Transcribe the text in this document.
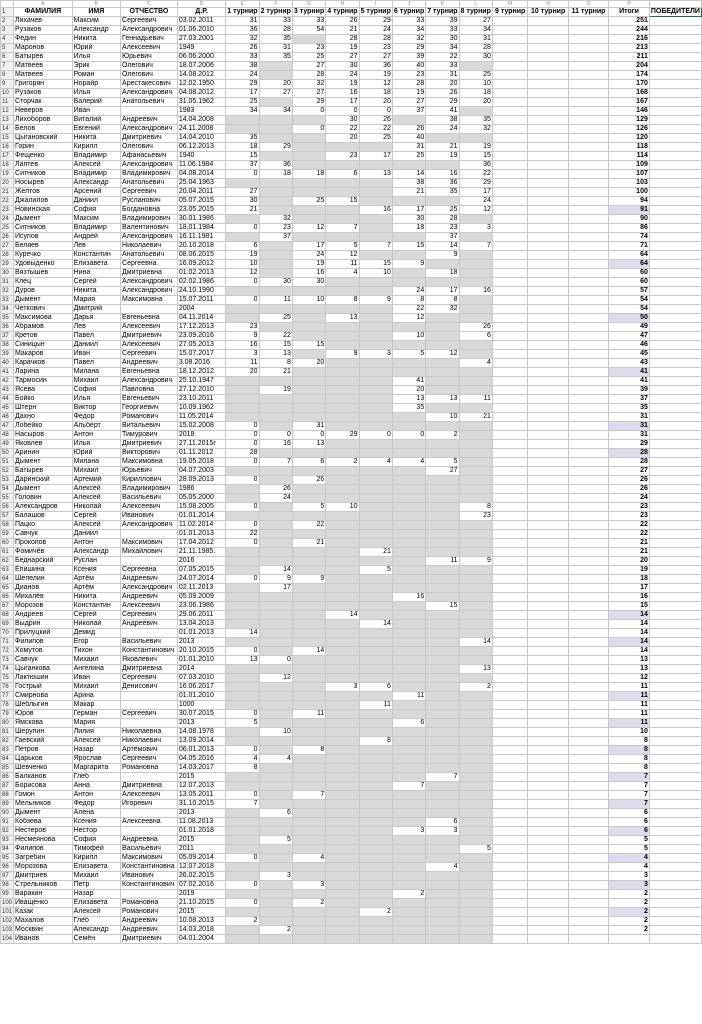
	A	B	C	D	E	F	G	H	I	J	K	L	M	N	O	P	
1	ФАМИЛИЯ	ИМЯ	ОТЧЕСТВО	Д.Р.	1 турнир	2 турнир	3 турнир	4 турнир	5 турнир	6 турнир	7 турнир	8 турнир	9 турнир	10 турнир	11 турнир	Итоги	ПОБЕДИТЕЛИ
2	Лихачев	Максим	Сергеевич	03.02.2011	31	33	33	26	29	33	39	27				251	
3	Рузаков	Александр	Александрович	01.06.2010	36	28	54	21	24	34	33	34				244	
4	Федин	Никита	Геннадьевич	27.03.2001	32	35		28	28	32	30	31				216	
5	Маронов	Юрий	Алексеевич	1949	26	31	23	19	23	29	34	28				213	
6	Батырев	Илья	Юрьевич	06.06.2000	33	35	25	27	27	39	22	30				211	
7	Матвеев	Эрик	Олегович	18.07.2006	38		27	30	36	40	33					204	
8	Матвеев	Роман	Олегович	14.08.2012	24		28	24	19	23	31	25				174	
9	Григорян	Норайр	Арестакесович	12.02.1950	29	20	32	19	12	28	20	10				170	
10	Рузаков	Илья	Александрович	04.08.2012	17	27	27	16	18	19	26	18				168	
11	Сторчак	Валерий	Анатольевич	31.05.1962	25		29	17	20	27	29	20				167	
12	Неверов	Иван		1983	34	34	0	0	0	37	41					146	
13	Лихоборов	Виталий	Андреевич	14.04.2008				30	26		38	35				129	
14	Белов	Евгений	Александрович	24.11.2008			0	22	22	26	24	32				126	
15	Цыгановский	Никита	Дмитриевич	14.04.2010	35			20	25	40						120	
16	Горин	Кирилл	Олегович	06.12.2013	18	29				31	21	19				118	
17	Фещенко	Владимир	Афанасьевич	1940	15			23	17	25	19	15				114	
18	Лаптев	Алексей	Александрович	11.06.1984	37	36						36				109	
19	Ситников	Владимир	Владимирович	04.08.2014	0	18	18	6	13	14	16	22				107	
20	Носырев	Александр	Анатольевич	25.04.1963						38	36	29				103	
21	Желтов	Арсений	Сергеевич	20.04.2011	27					21	35	17				100	
22	Джалилов	Даниил	Русланович	05.07.2015	30		25	15				24				94	
23	Новинская	София	Богдановна	23.05.2015	21				16	17	25	12				91	
24	Дымент	Максим	Владимирович	30.01.1986		32				30	28					90	
25	Ситников	Владимир	Валентинович	18.01.1984	0	23	12	7		18	23	3				86	
26	Исупов	Андрей	Александрович	16.11.1981		37					37					74	
27	Беляев	Лев	Николаевич	20.10.2018	6		17	5	7	15	14	7				71	
28	Куречко	Константин	Анатольевич	08.06.2015	19		24	12			9					64	
29	Удовыденко	Елизавета	Сергеевна	16.09.2012	10		19	11	15	9						64	
30	Вязтышев	Нина	Дмитриевна	01.02.2013	12		16	4	10		18					60	
31	Клец	Сергей	Александрович	02.02.1986	0	30	30									60	
32	Дуров	Никита	Александрович	24.10.1990						24	17	16				57	
33	Дымент	Мария	Максимовна	15.07.2011	0	11	10	8	9	8	8					54	
34	Четкович	Дмитрий		2004						22	32					54	
35	Максимова	Дарья	Евгеньевна	04.11.2014		25		13		12						50	
36	Абрамов	Лев	Алексеевич	17.12.2013	23							26				49	
37	Кретов	Павел	Дмитриевич	23.09.2016	9	22				10		6				47	
38	Синицын	Даниил	Алексеевич	27.05.2013	16	15	15									46	
39	Макаров	Иван	Сергеевич	15.07.2017	3	13		9	3	5	12					45	
40	Карачков	Павел	Андреевич	3.08.2016	11	8	20					4				43	
41	Ларина	Милана	Евгеньевна	18.12.2012	20	21										41	
42	Тармосин	Михаил	Александрович	25.10.1947						41						41	
43	Ясева	София	Павловна	27.12.2010		19				20						39	
44	Бойко	Илья	Евгеньевич	23.10.2011						13	13	11				37	
45	Штерн	Виктор	Георгиевич	10.09.1962						35						35	
46	Дахно	Федор	Романович	11.05.2014							10	21				31	
47	Лобейко	Альберт	Витальевич	15.02.2008	0		31									31	
48	Насыров	Антон	Тимурович	2018	0	0	0	29	0	0	2					31	
49	Яковлев	Илья	Дмитриевич	27.11.2015г	0	16	13									29	
50	Аринин	Юрий	Викторович	01.11.2012	28											28	
51	Дымент	Милана	Максимовна	19.05.2018	0	7	6	2	4	4	5					28	
52	Батырев	Михаил	Юрьевич	04.07.2003							27					27	
53	Даринский	Артемий	Кириллович	28.09.2013	0		26									26	
54	Дымент	Алексей	Владимирович	1986		26										26	
55	Головин	Алексей	Васильевич	05.05.2000		24										24	
56	Александров	Николай	Алексеевич	15.08.2005	0		5	10				8				23	
57	Балашов	Сергей	Иванович	01.01.2014								23				23	
58	Пацко	Алексей	Александрович	11.02.2014	0		22									22	
59	Савчук	Даниил		01.01.2013	22											22	
60	Прокопов	Антон	Максимович	17.04.2012	0		21									21	
61	Фомичёв	Александр	Михайлович	21.11.1985.					21							21	
62	Беднарский	Руслан		2016							11	9				20	
63	Епишина	Ксения	Сергеевна	07.05.2015		14			5							19	
64	Шепелин	Артём	Андреевич	24.07.2014	0	9	9									18	
65	Дианов	Артём	Александрович	02.11.2013		17										17	
66	Михалёв	Никита	Андреевич	05.09.2009						16						16	
67	Морозов	Константин	Алексеевич	23.06.1986							15					15	
68	Андреев	Сергей	Сергеевич	29.06.2011				14								14	
69	Выдрин	Николай	Андреевич	13.04.2013					14							14	
70	Прилуцкий	Демид		01.01.2013	14											14	
71	Филипов	Егор	Васильевич	2013								14				14	
72	Хомутов	Тихон	Константинович	20.10.2015	0		14									14	
73	Савчук	Михаил	Яковлевич	01.01.2010	13	0										13	
74	Цыганкова	Ангелина	Дмитриевна	2014								13				13	
75	Лактюшин	Иван	Сергеевич	07.03.2010		12										12	
76	Гострый	Михаил	Денисович	16.06.2017				3	6			2				11	
77	Смирнова	Арина		01.01.2010						11						11	
78	Шеблыгин	Макар		1000					11							11	
79	Юров	Герман	Сергеевич	30.07.2015	0		11									11	
80	Ямскова	Мария		2013	5					6						11	
81	Шерупин	Лилия	Николаевна	14.08.1978		10										10	
82	Гаевский	Алексей	Николаевич	13.09.2014					8							8	
83	Петров	Назар	Артёмович	06.01.2013	0		8									8	
84	Царьков	Ярослав	Сергеевич	04.05.2016	4	4										8	
85	Шевченко	Маргарита	Романовна	14.03.2017	8											8	
86	Балканов	Глеб		2015							7					7	
87	Борисова	Анна	Дмитриевна	12.07.2013						7						7	
88	Гомон	Антон	Алексеевич	13.05.2011	0		7									7	
89	Мельников	Федор	Игоревич	31.10.2015	7											7	
90	Дымент	Алена		2013		6										6	
91	Кобзева	Ксения	Алексеевна	11.08.2013							6					6	
92	Нестеров	Нестор		01.01.2018						3	3					6	
93	Несмеянова	София	Андреевна	2015		5										5	
94	Филипов	Тимофей	Васильевич	2011								5				5	
95	Загребин	Кирилл	Максимович	05.09.2014	0		4									4	
96	Морозова	Елизавета	Константиновна	12.07.2018							4					4	
97	Дмитриев	Михаил	Иванович	26.02.2015		3										3	
98	Стрельников	Петр	Константинович	07.02.2016	0		3									3	
99	Варакин	Назар		2019						2						2	
100	Иващенко	Елизавета	Романовна	21.10.2015	0		2									2	
101	Казак	Алексей	Романович	2015					2							2	
102	Махалов	Глеб	Андреевич	10.08.2013	2											2	
103	Москвин	Александр	Андреевич	14.03.2018		2										2	
104	Иванов	Семён	Дмитриевич	04.01.2004													
